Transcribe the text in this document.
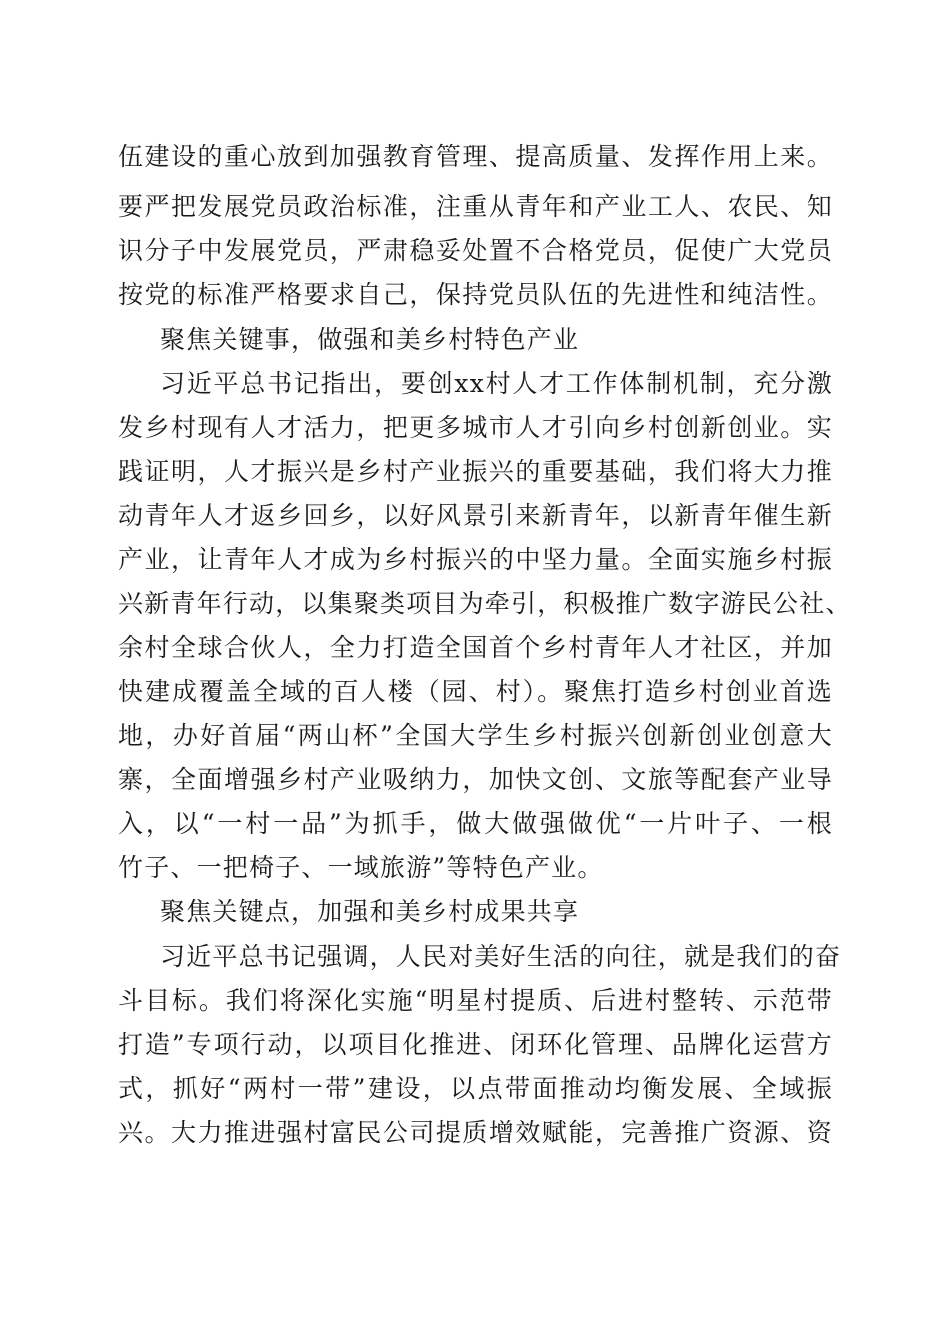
伍建设的重心放到加强教育管理、提高质量、发挥作用上来。
要严把发展党员政治标准，注重从青年和产业工人、农民、知
识分子中发展党员，严肃稳妥处置不合格党员，促使广大党员
按党的标准严格要求自己，保持党员队伍的先进性和纯洁性。
聚焦关键事，做强和美乡村特色产业
习近平总书记指出，要创xx村人才工作体制机制，充分激
发乡村现有人才活力，把更多城市人才引向乡村创新创业。实
践证明，人才振兴是乡村产业振兴的重要基础，我们将大力推
动青年人才返乡回乡，以好风景引来新青年，以新青年催生新
产业，让青年人才成为乡村振兴的中坚力量。全面实施乡村振
兴新青年行动，以集聚类项目为牵引，积极推广数字游民公社、
余村全球合伙人，全力打造全国首个乡村青年人才社区，并加
快建成覆盖全域的百人楼（园、村）。聚焦打造乡村创业首选
地，办好首届“两山杯”全国大学生乡村振兴创新创业创意大
寨，全面增强乡村产业吸纳力，加快文创、文旅等配套产业导
入，以“一村一品”为抓手，做大做强做优“一片叶子、一根
竹子、一把椅子、一域旅游”等特色产业。
聚焦关键点，加强和美乡村成果共享
习近平总书记强调，人民对美好生活的向往，就是我们的奋
斗目标。我们将深化实施“明星村提质、后进村整转、示范带
打造”专项行动，以项目化推进、闭环化管理、品牌化运营方
式，抓好“两村一带”建设，以点带面推动均衡发展、全域振
兴。大力推进强村富民公司提质增效赋能，完善推广资源、资
